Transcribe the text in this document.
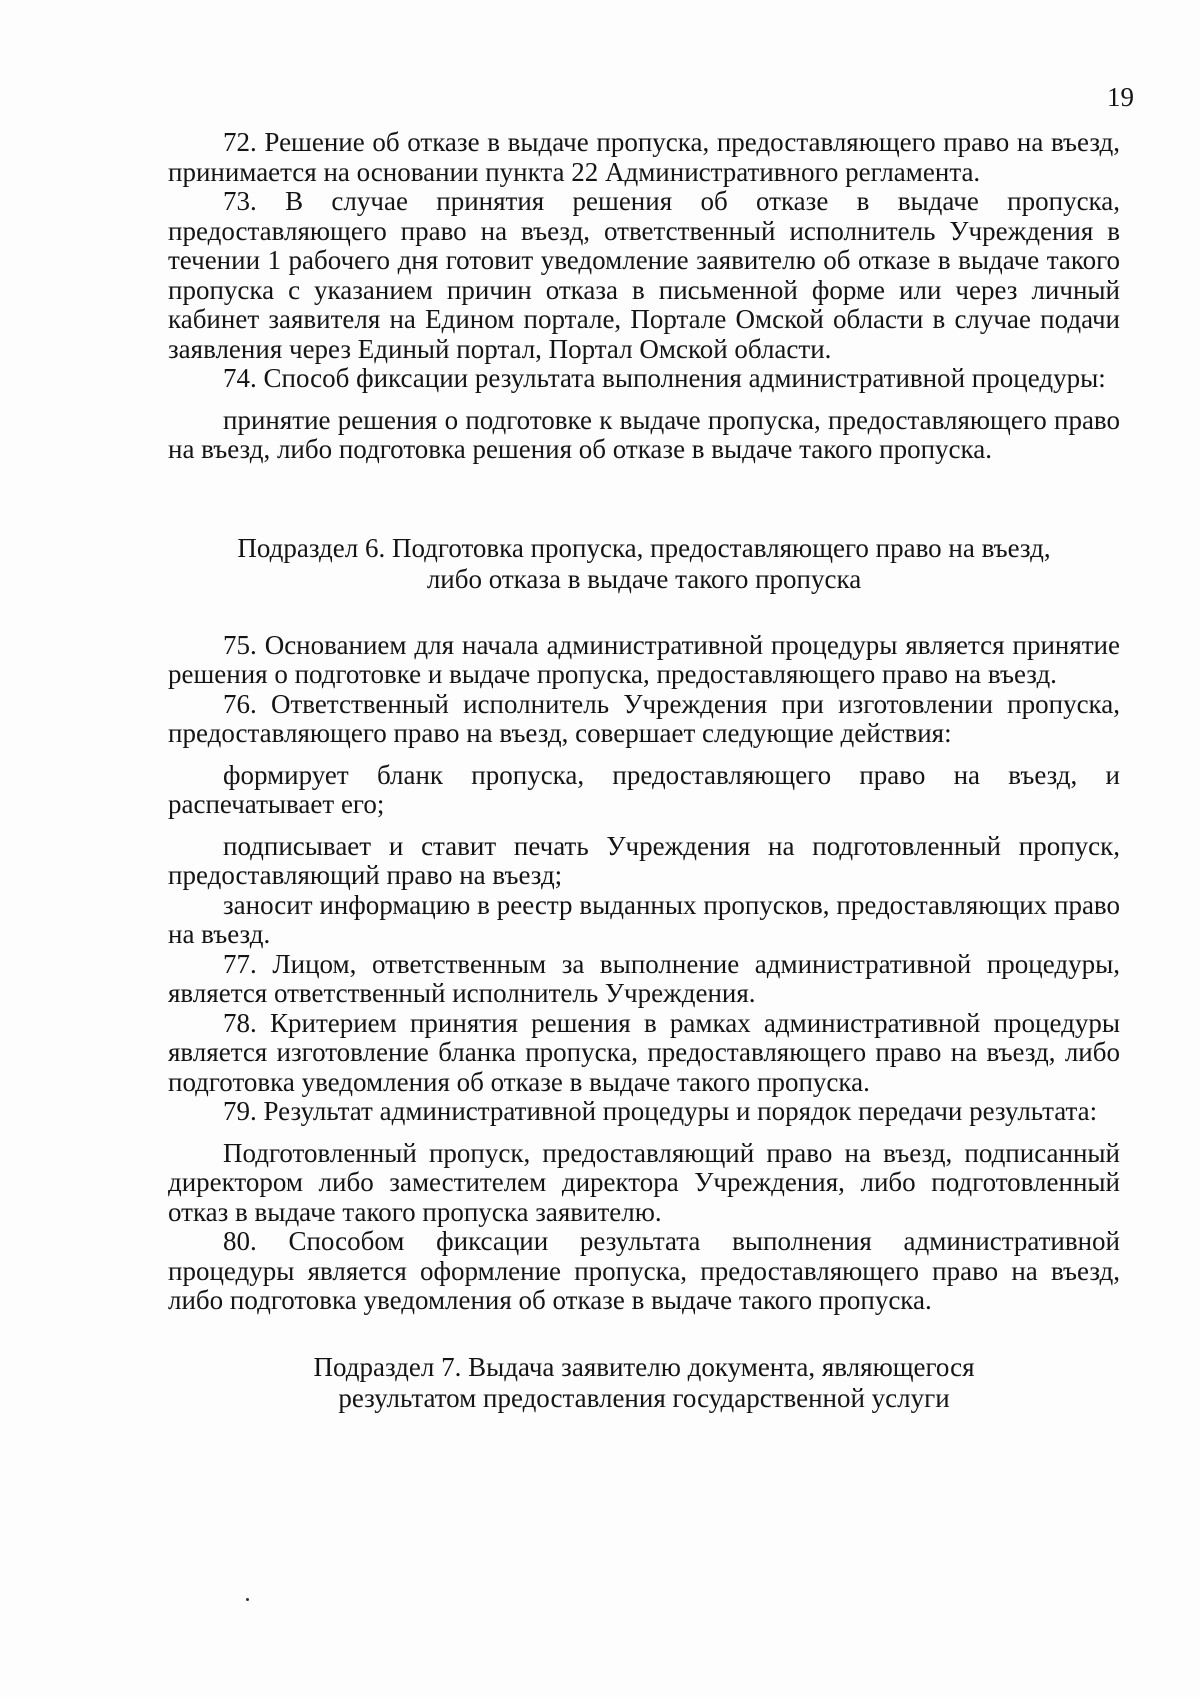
19

72. Решение об отказе в выдаче пропуска, предоставляющего право на въезд, принимается на основании пункта 22 Административного регламента.

73. В случае принятия решения об отказе в выдаче пропуска, предоставляющего право на въезд, ответственный исполнитель Учреждения в течении 1 рабочего дня готовит уведомление заявителю об отказе в выдаче такого пропуска с указанием причин отказа в письменной форме или через личный кабинет заявителя на Едином портале, Портале Омской области в случае подачи заявления через Единый портал, Портал Омской области.

74. Способ фиксации результата выполнения административной процедуры:

принятие решения о подготовке к выдаче пропуска, предоставляющего право на въезд, либо подготовка решения об отказе в выдаче такого пропуска.

Подраздел 6. Подготовка пропуска, предоставляющего право на въезд,

либо отказа в выдаче такого пропуска

75. Основанием для начала административной процедуры является принятие решения о подготовке и выдаче пропуска, предоставляющего право на въезд.

76. Ответственный исполнитель Учреждения при изготовлении пропуска, предоставляющего право на въезд, совершает следующие действия:

формирует бланк пропуска, предоставляющего право на въезд, и распечатывает его;

подписывает и ставит печать Учреждения на подготовленный пропуск, предоставляющий право на въезд;

заносит информацию в реестр выданных пропусков, предоставляющих право на въезд.

77. Лицом, ответственным за выполнение административной процедуры, является ответственный исполнитель Учреждения.

78. Критерием принятия решения в рамках административной процедуры является изготовление бланка пропуска, предоставляющего право на въезд, либо подготовка уведомления об отказе в выдаче такого пропуска.

79. Результат административной процедуры и порядок передачи результата:

Подготовленный пропуск, предоставляющий право на въезд, подписанный директором либо заместителем директора Учреждения, либо подготовленный отказ в выдаче такого пропуска заявителю.

80. Способом фиксации результата выполнения административной процедуры является оформление пропуска, предоставляющего право на въезд, либо подготовка уведомления об отказе в выдаче такого пропуска.

Подраздел 7. Выдача заявителю документа, являющегося

результатом предоставления государственной услуги
